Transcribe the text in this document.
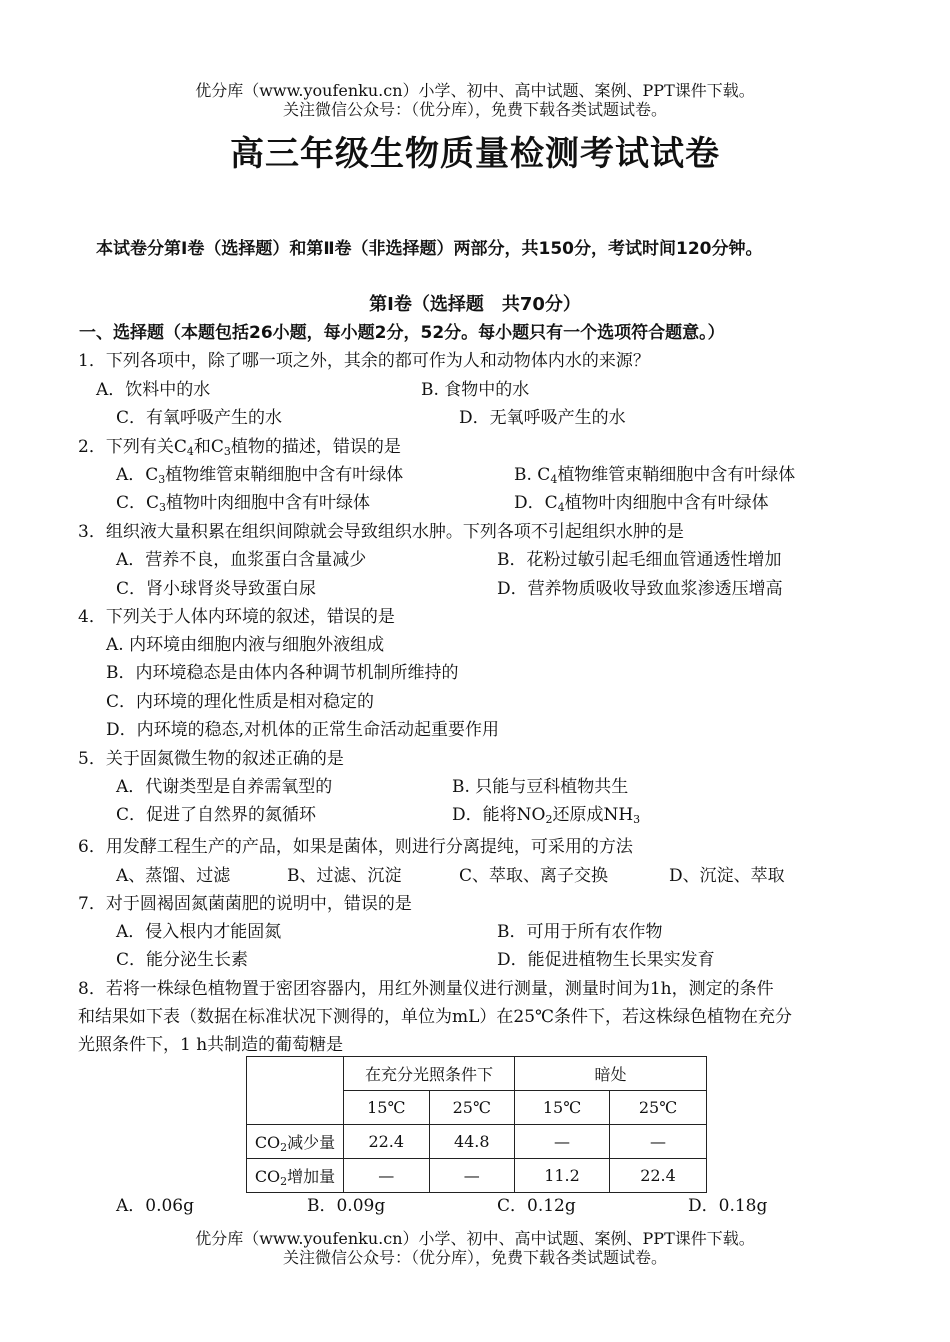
优分库（www.youfenku.cn）小学、初中、高中试题、案例、PPT课件下载。
关注微信公众号：（优分库），免费下载各类试题试卷。
高三年级生物质量检测考试试卷
本试卷分第Ⅰ卷（选择题）和第Ⅱ卷（非选择题）两部分，共150分，考试时间120分钟。
第Ⅰ卷（选择题　共70分）
一、选择题（本题包括26小题，每小题2分，52分。每小题只有一个选项符合题意。）
1．下列各项中，除了哪一项之外，其余的都可作为人和动物体内水的来源？
A．饮料中的水	B. 食物中的水
C．有氧呼吸产生的水	D．无氧呼吸产生的水
2．下列有关$C_4$和$C_3$植物的描述，错误的是
A．$C_3$植物维管束鞘细胞中含有叶绿体	B. $C_4$植物维管束鞘细胞中含有叶绿体
C．$C_3$植物叶肉细胞中含有叶绿体	D．$C_4$植物叶肉细胞中含有叶绿体
3．组织液大量积累在组织间隙就会导致组织水肿。下列各项不引起组织水肿的是
A．营养不良，血浆蛋白含量减少	B．花粉过敏引起毛细血管通透性增加
C．肾小球肾炎导致蛋白尿	D．营养物质吸收导致血浆渗透压增高
4．下列关于人体内环境的叙述，错误的是
A. 内环境由细胞内液与细胞外液组成
B．内环境稳态是由体内各种调节机制所维持的
C．内环境的理化性质是相对稳定的
D．内环境的稳态,对机体的正常生命活动起重要作用
5．关于固氮微生物的叙述正确的是
A．代谢类型是自养需氧型的	B. 只能与豆科植物共生
C．促进了自然界的氮循环	D．能将$NO_2$还原成$NH_3$
6．用发酵工程生产的产品，如果是菌体，则进行分离提纯，可采用的方法
A、蒸馏、过滤	B、过滤、沉淀	C、萃取、离子交换	D、沉淀、萃取
7．对于圆褐固氮菌菌肥的说明中，错误的是
A．侵入根内才能固氮	B．可用于所有农作物
C．能分泌生长素	D．能促进植物生长果实发育
8．若将一株绿色植物置于密团容器内，用红外测量仪进行测量，测量时间为1h，测定的条件
和结果如下表（数据在标准状况下测得的，单位为mL）在25℃条件下，若这株绿色植物在充分
光照条件下，1 h共制造的葡萄糖是
	在充分光照条件下		暗处	
	15℃	25℃	15℃	25℃
$CO_2$减少量	22.4	44.8	—	—
$CO_2$增加量	—	—	11.2	22.4
A．0.06g	B．0.09g	C．0.12g	D．0.18g
优分库（www.youfenku.cn）小学、初中、高中试题、案例、PPT课件下载。
关注微信公众号：（优分库），免费下载各类试题试卷。
